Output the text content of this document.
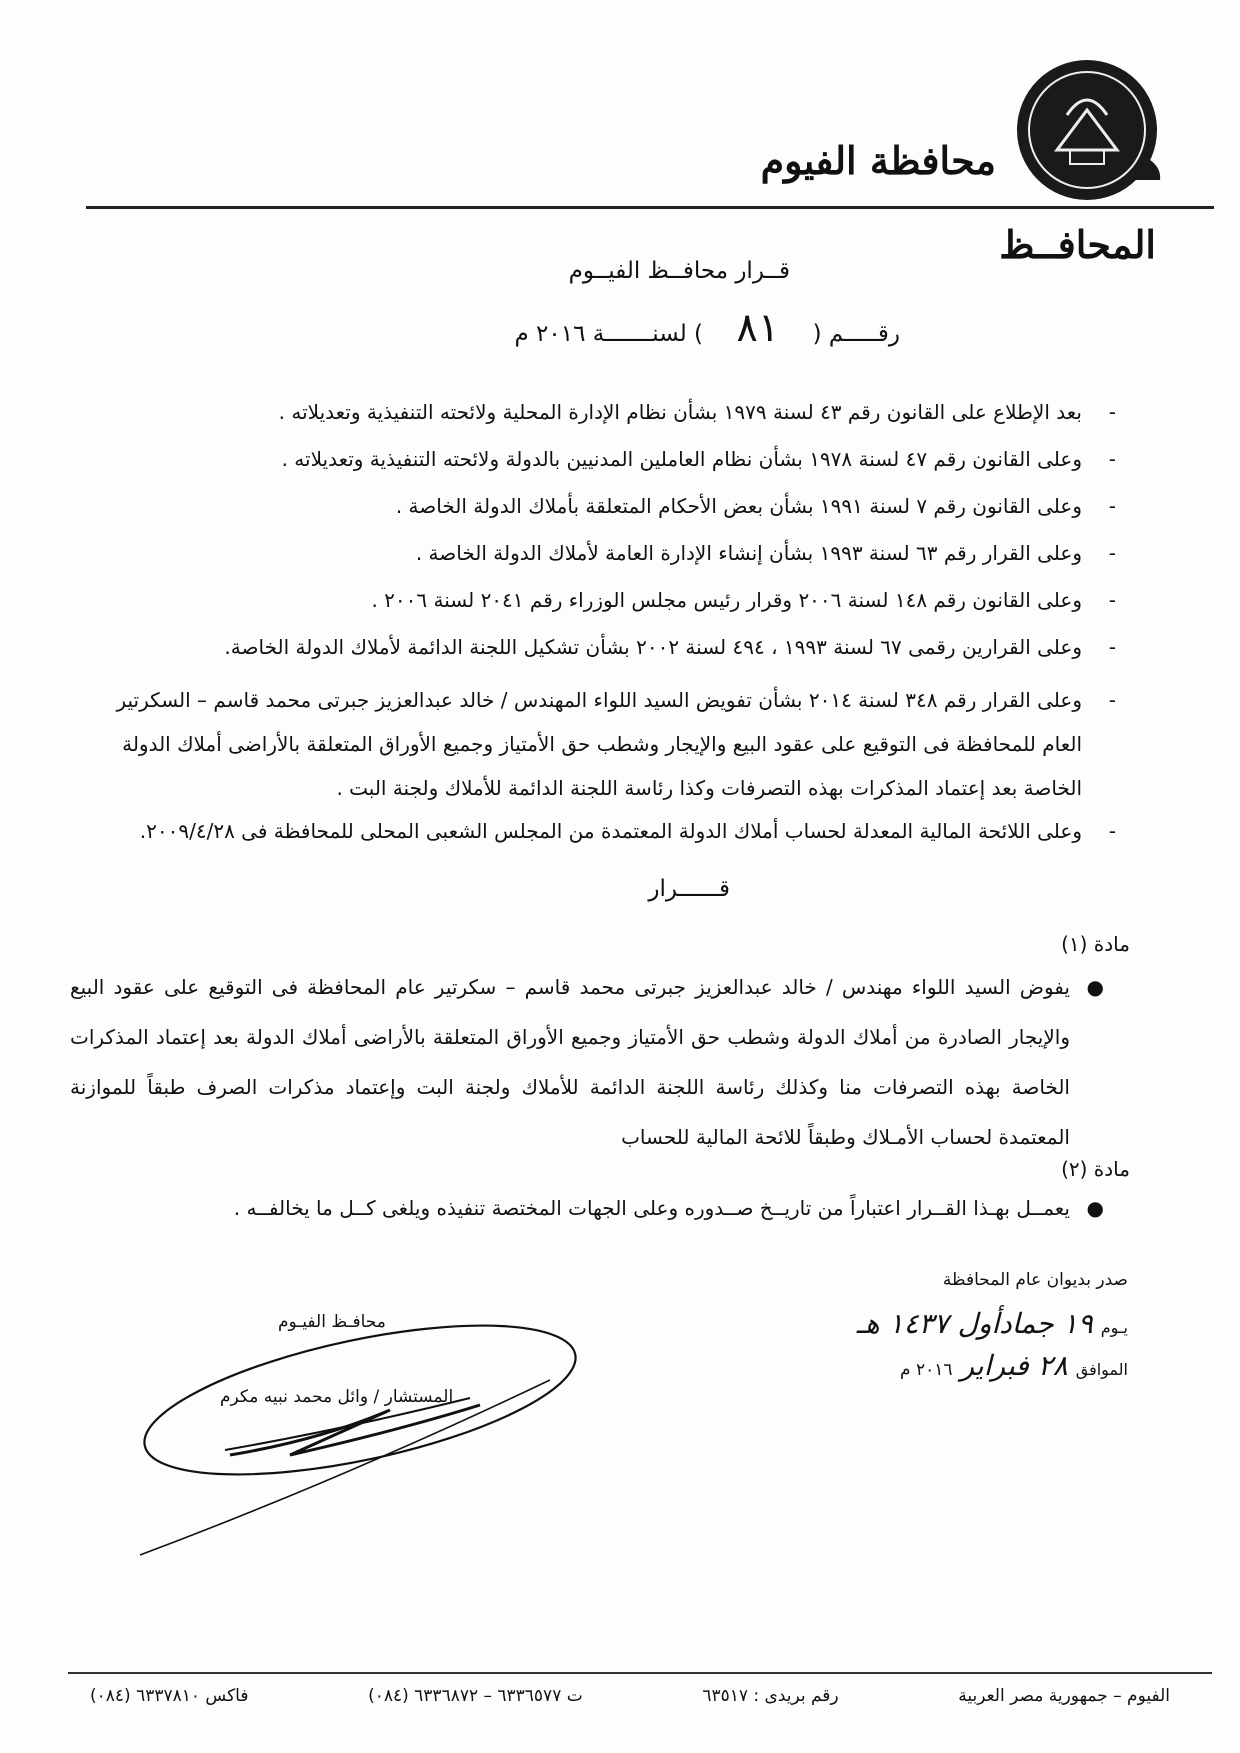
محافظة الفيوم
المحافــظ
قــرار محافــظ الفيــوم
رقـــــم ( ٨١ ) لسنـــــــة ٢٠١٦ م
-
بعد الإطلاع على القانون رقم ٤٣ لسنة ١٩٧٩ بشأن نظام الإدارة المحلية ولائحته التنفيذية وتعديلاته .
-
وعلى القانون رقم ٤٧ لسنة ١٩٧٨ بشأن نظام العاملين المدنيين بالدولة ولائحته التنفيذية وتعديلاته .
-
وعلى القانون رقم ٧ لسنة ١٩٩١ بشأن بعض الأحكام المتعلقة بأملاك الدولة الخاصة .
-
وعلى القرار رقم ٦٣ لسنة ١٩٩٣ بشأن إنشاء الإدارة العامة لأملاك الدولة الخاصة .
-
وعلى القانون رقم ١٤٨ لسنة ٢٠٠٦ وقرار رئيس مجلس الوزراء رقم ٢٠٤١ لسنة ٢٠٠٦ .
-
وعلى القرارين رقمى ٦٧ لسنة ١٩٩٣ ، ٤٩٤ لسنة ٢٠٠٢ بشأن تشكيل اللجنة الدائمة لأملاك الدولة الخاصة.
-
وعلى القرار رقم ٣٤٨ لسنة ٢٠١٤ بشأن تفويض السيد اللواء المهندس / خالد عبدالعزيز جبرتى محمد قاسم – السكرتير العام للمحافظة فى التوقيع على عقود البيع والإيجار وشطب حق الأمتياز وجميع الأوراق المتعلقة بالأراضى أملاك الدولة الخاصة بعد إعتماد المذكرات بهذه التصرفات وكذا رئاسة اللجنة الدائمة للأملاك ولجنة البت .
-
وعلى اللائحة المالية المعدلة لحساب أملاك الدولة المعتمدة من المجلس الشعبى المحلى للمحافظة فى ٢٠٠٩/٤/٢٨.
قــــــرار
مادة (١)
●
يفوض السيد اللواء مهندس / خالد عبدالعزيز جبرتى محمد قاسم – سكرتير عام المحافظة فى التوقيع على عقود البيع والإيجار الصادرة من أملاك الدولة وشطب حق الأمتياز وجميع الأوراق المتعلقة بالأراضى أملاك الدولة بعد إعتماد المذكرات الخاصة بهذه التصرفات منا وكذلك رئاسة اللجنة الدائمة للأملاك ولجنة البت وإعتماد مذكرات الصرف طبقاً للموازنة المعتمدة لحساب الأمـلاك وطبقاً للائحة المالية للحساب
مادة (٢)
●
يعمــل بهـذا القــرار اعتباراً من تاريــخ صــدوره وعلى الجهات المختصة تنفيذه ويلغى كــل ما يخالفــه .
صدر بديوان عام المحافظة
يـوم ١٩ جمادأول ١٤٣٧ هـ
الموافق ٢٨ فبراير ٢٠١٦ م
محافـظ الفيـوم
المستشار / وائل محمد نبيه مكرم
فاكس ٦٣٣٧٨١٠ (٠٨٤)	ت ٦٣٣٦٥٧٧ – ٦٣٣٦٨٧٢ (٠٨٤)	رقم بريدى : ٦٣٥١٧	الفيوم – جمهورية مصر العربية
